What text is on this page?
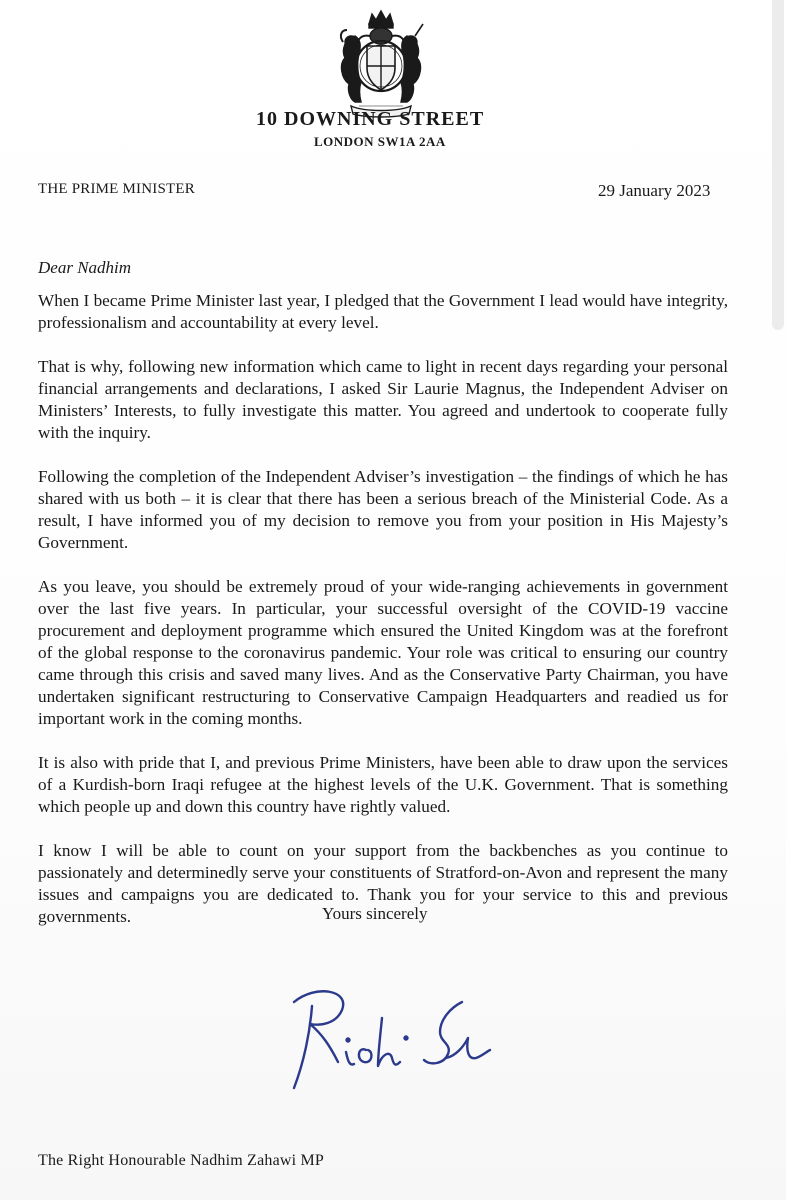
10 DOWNING STREET
LONDON SW1A 2AA
THE PRIME MINISTER	29 January 2023
Dear Nadhim

When I became Prime Minister last year, I pledged that the Government I lead would have integrity, professionalism and accountability at every level.

That is why, following new information which came to light in recent days regarding your personal financial arrangements and declarations, I asked Sir Laurie Magnus, the Independent Adviser on Ministers’ Interests, to fully investigate this matter. You agreed and undertook to cooperate fully with the inquiry.

Following the completion of the Independent Adviser’s investigation – the findings of which he has shared with us both – it is clear that there has been a serious breach of the Ministerial Code. As a result, I have informed you of my decision to remove you from your position in His Majesty’s Government.

As you leave, you should be extremely proud of your wide-ranging achievements in government over the last five years. In particular, your successful oversight of the COVID-19 vaccine procurement and deployment programme which ensured the United Kingdom was at the forefront of the global response to the coronavirus pandemic. Your role was critical to ensuring our country came through this crisis and saved many lives. And as the Conservative Party Chairman, you have undertaken significant restructuring to Conservative Campaign Headquarters and readied us for important work in the coming months.

It is also with pride that I, and previous Prime Ministers, have been able to draw upon the services of a Kurdish-born Iraqi refugee at the highest levels of the U.K. Government. That is something which people up and down this country have rightly valued.

I know I will be able to count on your support from the backbenches as you continue to passionately and determinedly serve your constituents of Stratford-on-Avon and represent the many issues and campaigns you are dedicated to. Thank you for your service to this and previous governments.	Yours sincerely
The Right Honourable Nadhim Zahawi MP
